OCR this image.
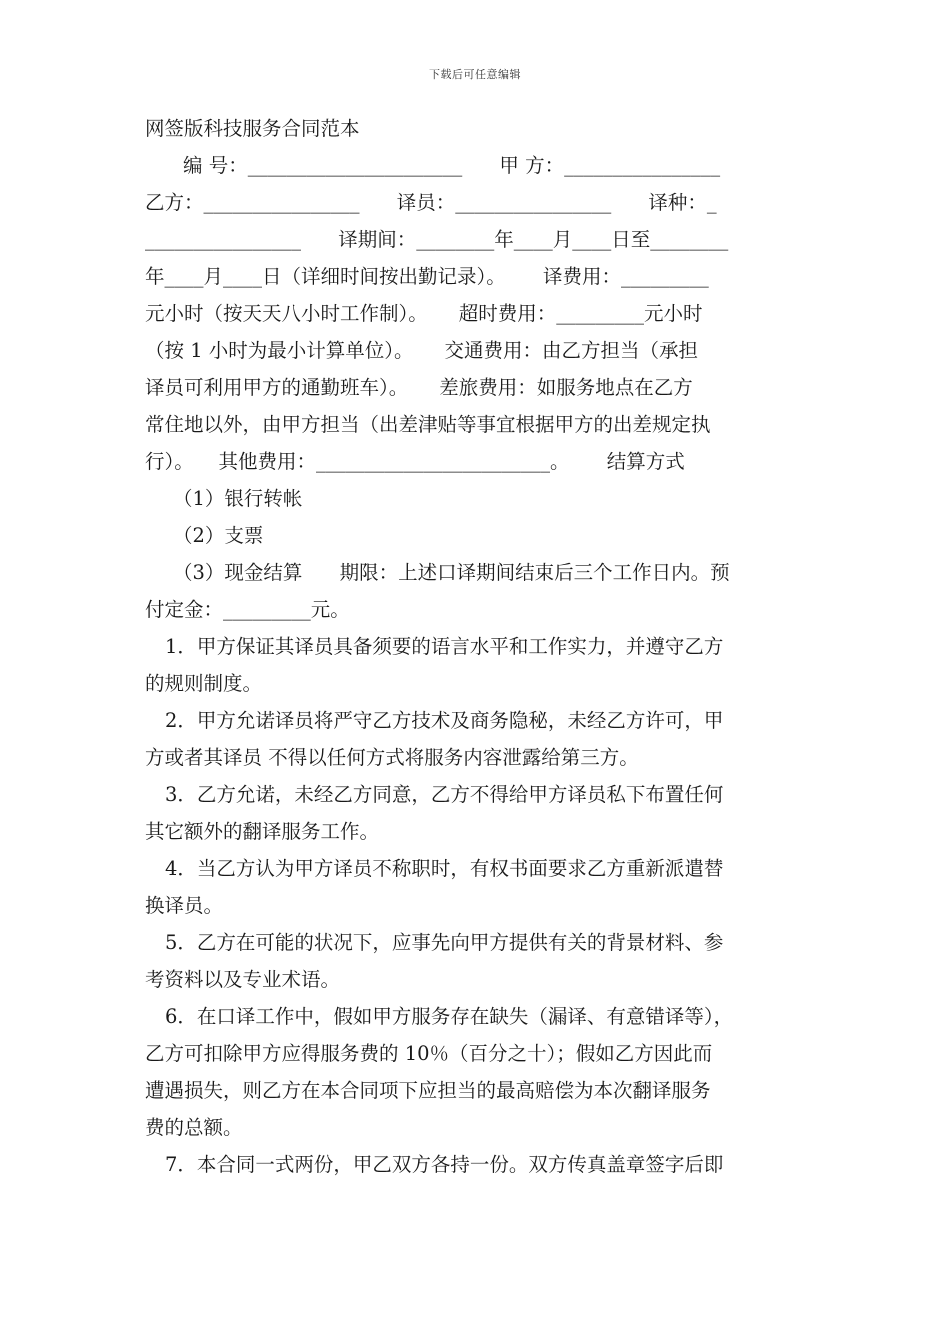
下载后可任意编辑
网签版科技服务合同范本
编 号：______________________      甲 方：________________
乙方：________________      译员：________________      译种：_
________________      译期间：________年____月____日至________
年____月____日（详细时间按出勤记录）。      译费用：_________
元小时（按天天八小时工作制）。     超时费用：_________元小时
（按 1 小时为最小计算单位）。     交通费用：由乙方担当（承担
译员可利用甲方的通勤班车）。     差旅费用：如服务地点在乙方
常住地以外，由甲方担当（出差津贴等事宜根据甲方的出差规定执
行）。    其他费用：________________________。      结算方式
（1）银行转帐
（2）支票
（3）现金结算      期限：上述口译期间结束后三个工作日内。预
付定金：_________元。
1．甲方保证其译员具备须要的语言水平和工作实力，并遵守乙方
的规则制度。
2．甲方允诺译员将严守乙方技术及商务隐秘，未经乙方许可，甲
方或者其译员 不得以任何方式将服务内容泄露给第三方。
3．乙方允诺，未经乙方同意，乙方不得给甲方译员私下布置任何
其它额外的翻译服务工作。
4．当乙方认为甲方译员不称职时，有权书面要求乙方重新派遣替
换译员。
5．乙方在可能的状况下，应事先向甲方提供有关的背景材料、参
考资料以及专业术语。
6．在口译工作中，假如甲方服务存在缺失（漏译、有意错译等），
乙方可扣除甲方应得服务费的 10％（百分之十）；假如乙方因此而
遭遇损失，则乙方在本合同项下应担当的最高赔偿为本次翻译服务
费的总额。
7．本合同一式两份，甲乙双方各持一份。双方传真盖章签字后即
